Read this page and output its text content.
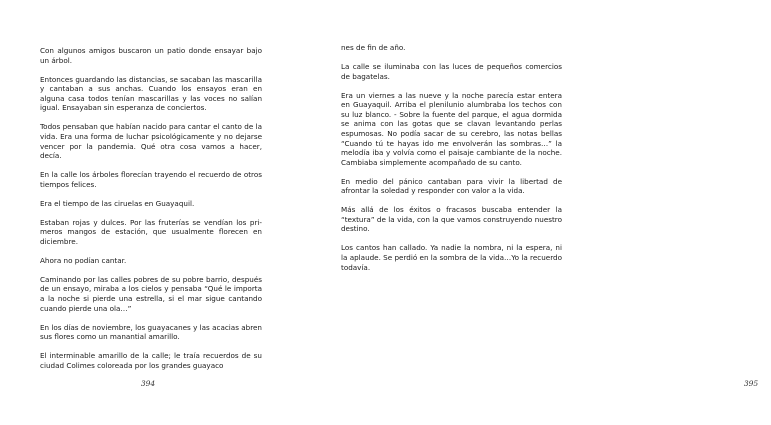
Con algunos amigos buscaron un patio donde ensayar bajo un árbol.

Entonces guardando las distancias, se sacaban las mascarilla y cantaban a sus anchas. Cuando los ensayos eran en alguna casa todos tenían mascarillas y las voces no salían igual. Ensayaban sin esperanza de conciertos.

Todos pensaban que habían nacido para cantar el canto de la vida. Era una forma de luchar psicológicamente y no dejarse vencer por la pandemia. Qué otra cosa vamos a hacer, decía.

En la calle los árboles florecían trayendo el recuerdo de otros tiempos felices.

Era el tiempo de las ciruelas en Guayaquil.

Estaban rojas y dulces. Por las fruterías se vendían los primeros mangos de estación, que usualmente florecen en diciembre.

Ahora no podían cantar.

Caminando por las calles pobres de su pobre barrio, después de un ensayo, miraba a los cielos y pensaba “Qué le importa a la noche si pierde una estrella, si el mar sigue cantando cuando pierde una ola…”

En los días de noviembre, los guayacanes y las acacias abren sus flores como un manantial amarillo.

El interminable amarillo de la calle; le traía recuerdos de su ciudad Colimes coloreada por los grandes guayaco

394	395

nes de fin de año.

La calle se iluminaba con las luces de pequeños comercios de bagatelas.

Era un viernes a las nueve y la noche parecía estar entera en Guayaquil. Arriba el plenilunio alumbraba los techos con su luz blanco. - Sobre la fuente del parque, el agua dormida se anima con las gotas que se clavan levantando perlas espumosas. No podía sacar de su cerebro, las notas bellas “Cuando tú te hayas ido me envolverán las sombras…” la melodía iba y volvía como el paisaje cambiante de la noche. Cambiaba simplemente acompañado de su canto.

En medio del pánico cantaban para vivir la libertad de afrontar la soledad y responder con valor a la vida.

Más allá de los éxitos o fracasos buscaba entender la “textura” de la vida, con la que vamos construyendo nuestro destino.

Los cantos han callado. Ya nadie la nombra, ni la espera, ni la aplaude. Se perdió en la sombra de la vida…Yo la recuerdo todavía.
